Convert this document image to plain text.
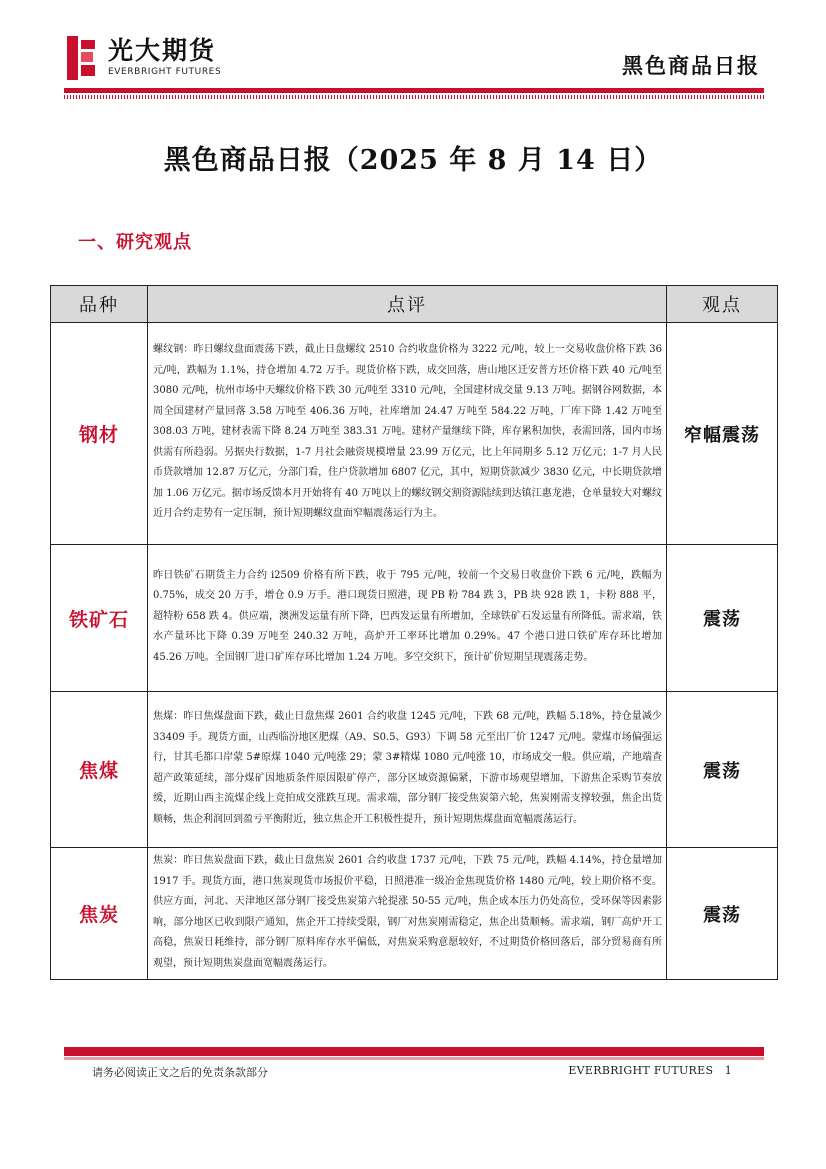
光大期货
EVERBRIGHT FUTURES	黑色商品日报
黑色商品日报（2025 年 8 月 14 日）
一、研究观点
品种	点评	观点
钢材	螺纹钢：昨日螺纹盘面震荡下跌，截止日盘螺纹 2510 合约收盘价格为 3222 元/吨，较上一交易收盘价格下跌 36 元/吨，跌幅为 1.1%，持仓增加 4.72 万手。现货价格下跌，成交回落，唐山地区迁安普方坯价格下跌 40 元/吨至 3080 元/吨，杭州市场中天螺纹价格下跌 30 元/吨至 3310 元/吨，全国建材成交量 9.13 万吨。据钢谷网数据，本周全国建材产量回落 3.58 万吨至 406.36 万吨，社库增加 24.47 万吨至 584.22 万吨，厂库下降 1.42 万吨至 308.03 万吨，建材表需下降 8.24 万吨至 383.31 万吨。建材产量继续下降，库存累积加快，表需回落，国内市场供需有所趋弱。另据央行数据，1-7 月社会融资规模增量 23.99 万亿元，比上年同期多 5.12 万亿元；1-7 月人民币贷款增加 12.87 万亿元，分部门看，住户贷款增加 6807 亿元，其中，短期贷款减少 3830 亿元，中长期贷款增加 1.06 万亿元。据市场反馈本月开始将有 40 万吨以上的螺纹钢交割资源陆续到达镇江惠龙港，仓单量较大对螺纹近月合约走势有一定压制，预计短期螺纹盘面窄幅震荡运行为主。	窄幅震荡
铁矿石	昨日铁矿石期货主力合约 i2509 价格有所下跌，收于 795 元/吨，较前一个交易日收盘价下跌 6 元/吨，跌幅为 0.75%，成交 20 万手，增仓 0.9 万手。港口现货日照港，现 PB 粉 784 跌 3，PB 块 928 跌 1，卡粉 888 平，超特粉 658 跌 4。供应端，澳洲发运量有所下降，巴西发运量有所增加，全球铁矿石发运量有所降低。需求端，铁水产量环比下降 0.39 万吨至 240.32 万吨，高炉开工率环比增加 0.29%。47 个港口进口铁矿库存环比增加 45.26 万吨。全国钢厂进口矿库存环比增加 1.24 万吨。多空交织下，预计矿价短期呈现震荡走势。	震荡
焦煤	焦煤：昨日焦煤盘面下跌，截止日盘焦煤 2601 合约收盘 1245 元/吨，下跌 68 元/吨，跌幅 5.18%，持仓量减少 33409 手。现货方面，山西临汾地区肥煤（A9、S0.5、G93）下调 58 元至出厂价 1247 元/吨。蒙煤市场偏强运行，甘其毛都口岸蒙 5#原煤 1040 元/吨涨 29；蒙 3#精煤 1080 元/吨涨 10，市场成交一般。供应端，产地端查超产政策延续，部分煤矿因地质条件原因限矿停产，部分区域资源偏紧，下游市场观望增加，下游焦企采购节奏放缓，近期山西主流煤企线上竞拍成交涨跌互现。需求端，部分钢厂接受焦炭第六轮，焦炭刚需支撑较强，焦企出货顺畅，焦企利润回到盈亏平衡附近，独立焦企开工积极性提升，预计短期焦煤盘面宽幅震荡运行。	震荡
焦炭	焦炭：昨日焦炭盘面下跌，截止日盘焦炭 2601 合约收盘 1737 元/吨，下跌 75 元/吨，跌幅 4.14%，持仓量增加 1917 手。现货方面，港口焦炭现货市场报价平稳，日照港准一级冶金焦现货价格 1480 元/吨，较上期价格不变。供应方面，河北、天津地区部分钢厂接受焦炭第六轮提涨 50-55 元/吨，焦企成本压力仍处高位，受环保等因素影响，部分地区已收到限产通知，焦企开工持续受限，钢厂对焦炭刚需稳定，焦企出货顺畅。需求端，钢厂高炉开工高稳，焦炭日耗维持，部分钢厂原料库存水平偏低，对焦炭采购意愿较好，不过期货价格回落后，部分贸易商有所观望，预计短期焦炭盘面宽幅震荡运行。	震荡
请务必阅读正文之后的免责条款部分	EVERBRIGHT FUTURES 1
